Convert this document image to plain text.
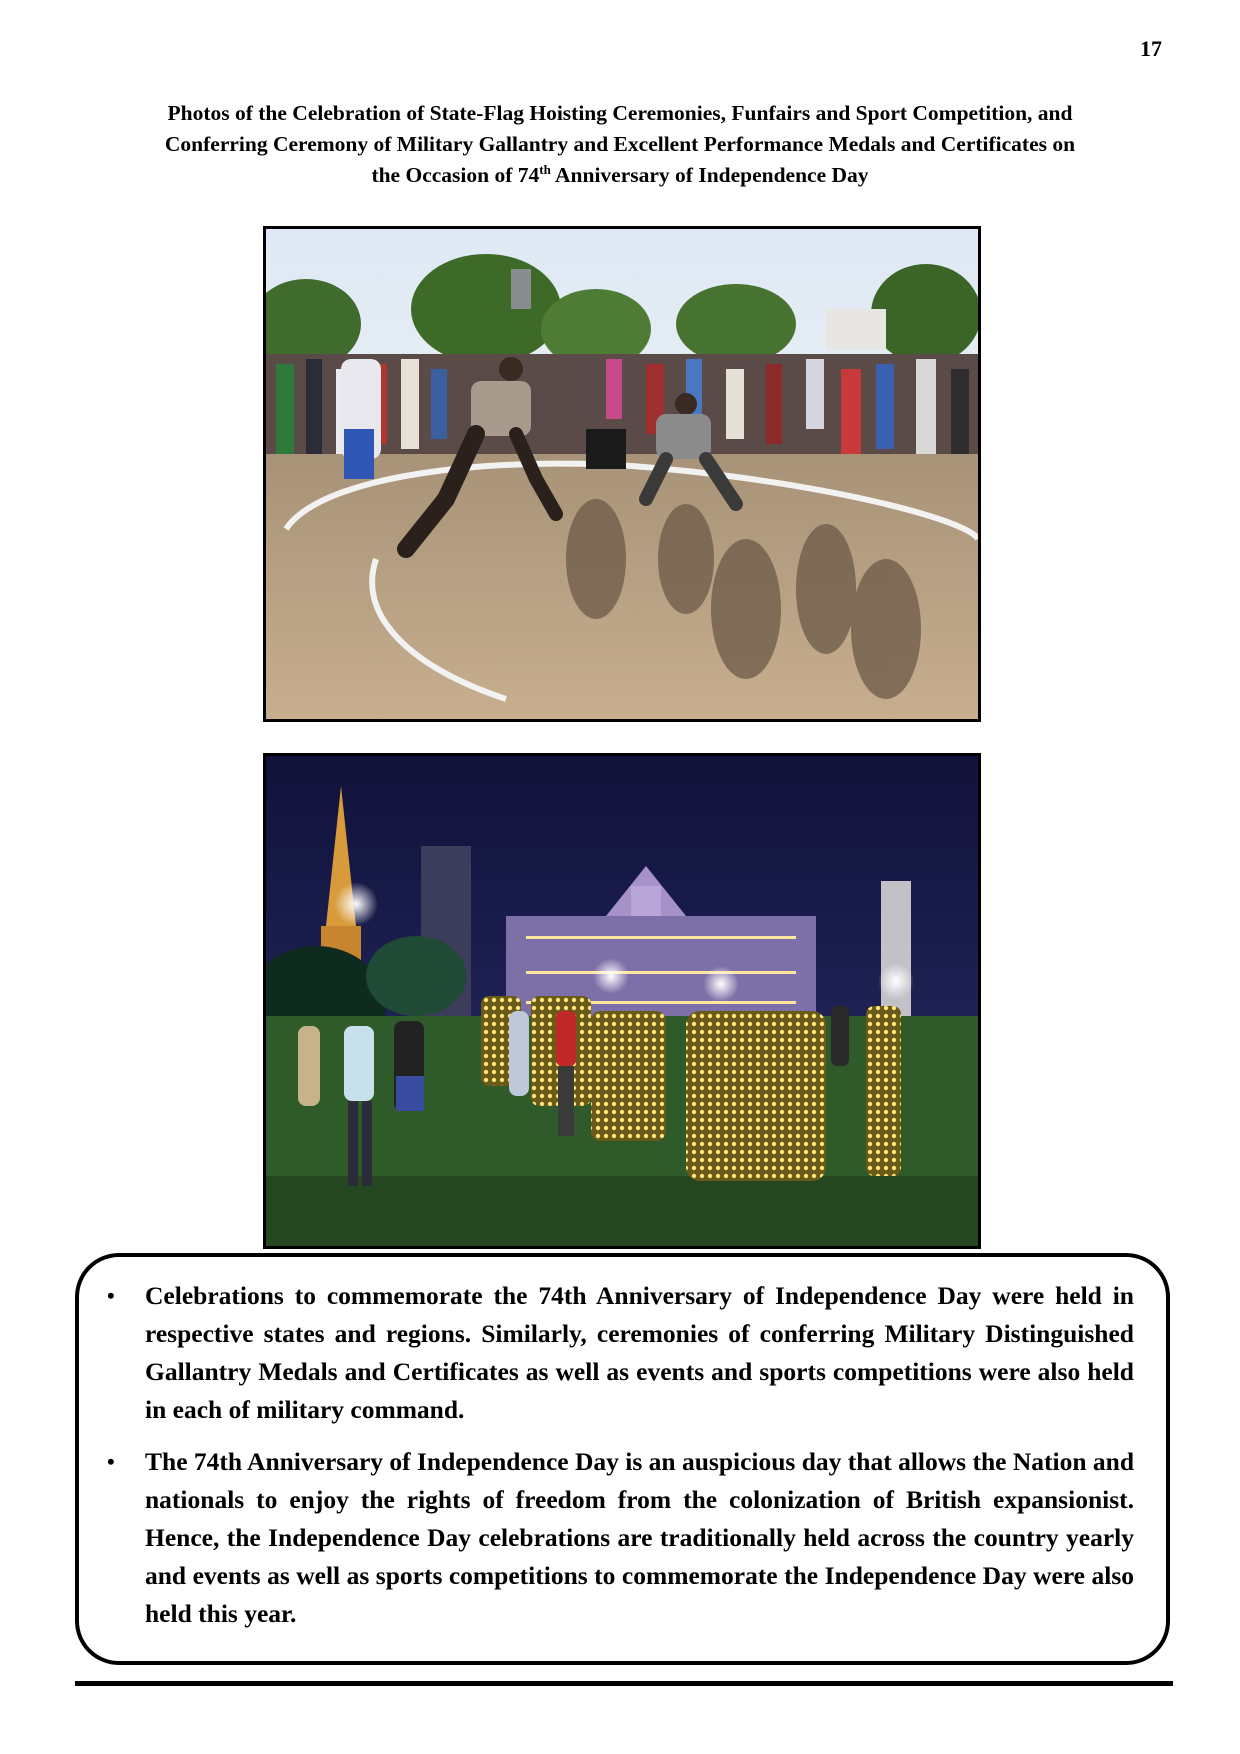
17
Photos of the Celebration of State-Flag Hoisting Ceremonies, Funfairs and Sport Competition, and
Conferring Ceremony of Military Gallantry and Excellent Performance Medals and Certificates on
the Occasion of 74th Anniversary of Independence Day
• Celebrations to commemorate the 74th Anniversary of Independence Day were held in respective states and regions. Similarly, ceremonies of conferring Military Distinguished Gallantry Medals and Certificates as well as events and sports competitions were also held in each of military command.
• The 74th Anniversary of Independence Day is an auspicious day that allows the Nation and nationals to enjoy the rights of freedom from the colonization of British expansionist. Hence, the Independence Day celebrations are traditionally held across the country yearly and events as well as sports competitions to commemorate the Independence Day were also held this year.
